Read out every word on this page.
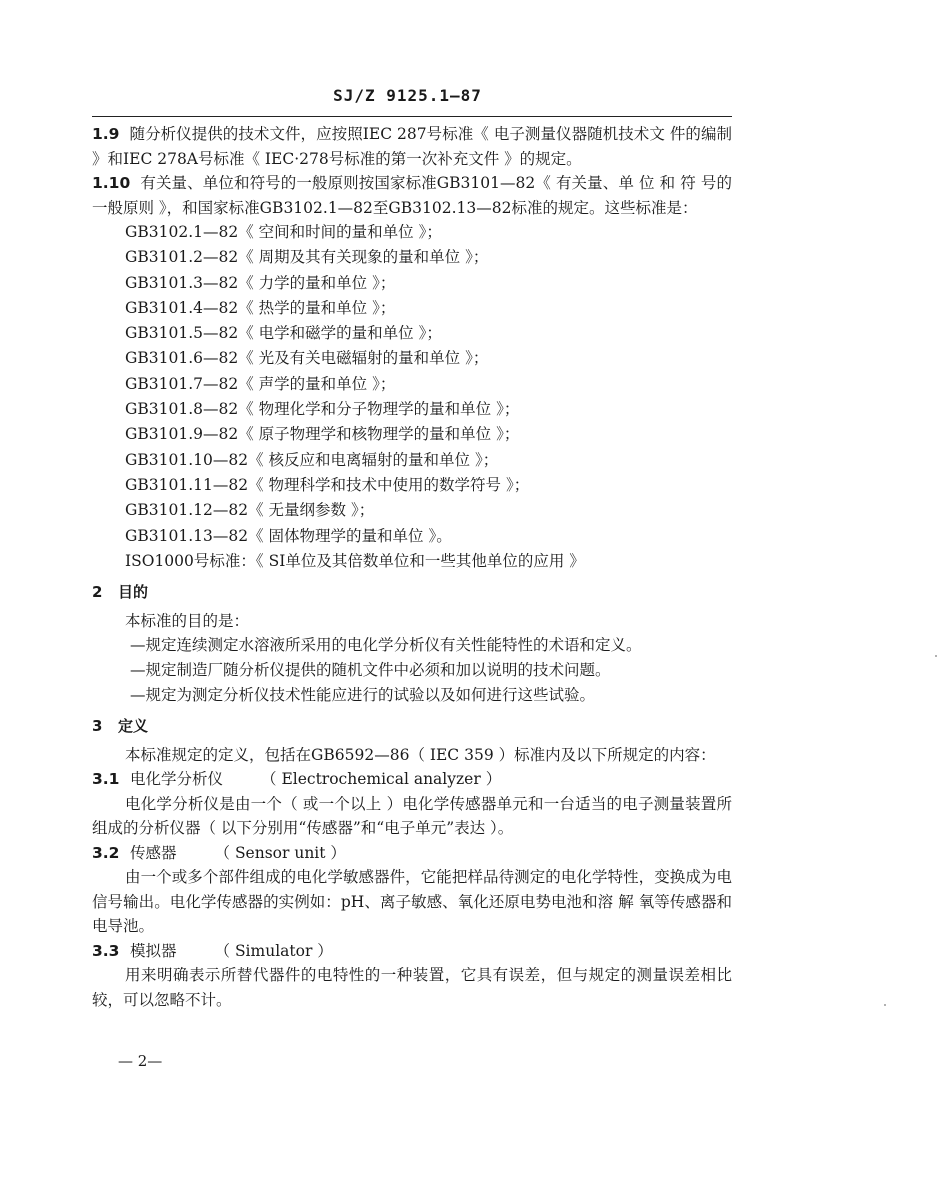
SJ/Z 9125.1—87

1.9 随分析仪提供的技术文件，应按照IEC 287号标准《 电子测量仪器随机技术文 件的编制 》和IEC 278A号标准《 IEC·278号标准的第一次补充文件 》的规定。

1.10 有关量、单位和符号的一般原则按国家标准GB3101—82《 有关量、单 位 和 符 号的一般原则 》，和国家标准GB3102.1—82至GB3102.13—82标准的规定。这些标准是：

GB3102.1—82《 空间和时间的量和单位 》；
GB3101.2—82《 周期及其有关现象的量和单位 》；
GB3101.3—82《 力学的量和单位 》；
GB3101.4—82《 热学的量和单位 》；
GB3101.5—82《 电学和磁学的量和单位 》；
GB3101.6—82《 光及有关电磁辐射的量和单位 》；
GB3101.7—82《 声学的量和单位 》；
GB3101.8—82《 物理化学和分子物理学的量和单位 》；
GB3101.9—82《 原子物理学和核物理学的量和单位 》；
GB3101.10—82《 核反应和电离辐射的量和单位 》；
GB3101.11—82《 物理科学和技术中使用的数学符号 》；
GB3101.12—82《 无量纲参数 》；
GB3101.13—82《 固体物理学的量和单位 》。
ISO1000号标准：《 SI单位及其倍数单位和一些其他单位的应用 》
2 目的

本标准的目的是：

—规定连续测定水溶液所采用的电化学分析仪有关性能特性的术语和定义。
—规定制造厂随分析仪提供的随机文件中必须和加以说明的技术问题。
—规定为测定分析仪技术性能应进行的试验以及如何进行这些试验。
3 定义

本标准规定的定义，包括在GB6592—86（ IEC 359 ）标准内及以下所规定的内容：

3.1 电化学分析仪 （ Electrochemical analyzer ）

电化学分析仪是由一个（ 或一个以上 ）电化学传感器单元和一台适当的电子测量装置所组成的分析仪器（ 以下分别用“传感器”和“电子单元”表达 ）。

3.2 传感器 （ Sensor unit ）

由一个或多个部件组成的电化学敏感器件，它能把样品待测定的电化学特性，变换成为电信号输出。电化学传感器的实例如：pH、离子敏感、氧化还原电势电池和溶 解 氧等传感器和电导池。

3.3 模拟器 （ Simulator ）

用来明确表示所替代器件的电特性的一种装置，它具有误差，但与规定的测量误差相比较，可以忽略不计。

— 2—
